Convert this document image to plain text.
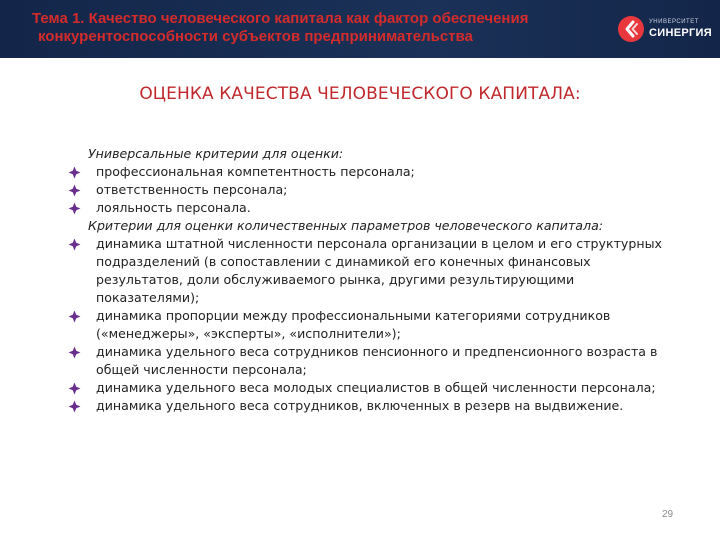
Тема 1. Качество человеческого капитала как фактор обеспечения
конкурентоспособности субъектов предпринимательства
УНИВЕРСИТЕТ
СИНЕРГИЯ
ОЦЕНКА КАЧЕСТВА ЧЕЛОВЕЧЕСКОГО КАПИТАЛА:
Универсальные критерии для оценки:
профессиональная компетентность персонала;
ответственность персонала;
лояльность персонала.
Критерии для оценки количественных параметров человеческого капитала:
динамика штатной численности персонала организации в целом и его структурных подразделений (в сопоставлении с динамикой его конечных финансовых результатов, доли обслуживаемого рынка, другими результирующими показателями);
динамика пропорции между профессиональными категориями сотрудников («менеджеры», «эксперты», «исполнители»);
динамика удельного веса сотрудников пенсионного и предпенсионного возраста в общей численности персонала;
динамика удельного веса молодых специалистов в общей численности персонала;
динамика удельного веса сотрудников, включенных в резерв на выдвижение.
29
